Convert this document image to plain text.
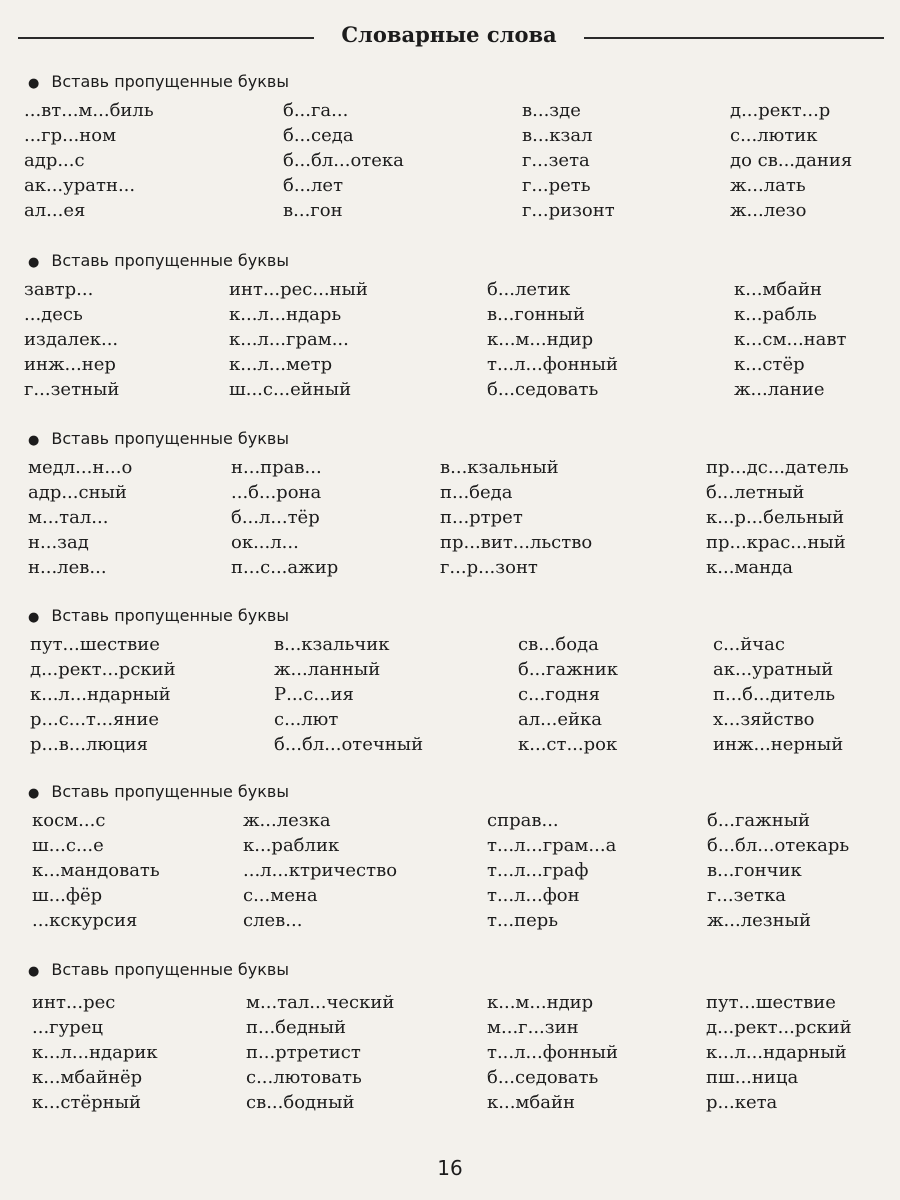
Словарные слова
● Вставь пропущенные буквы
...вт...м...биль
...гр...ном
адр...с
ак...уратн...
ал...ея
б...га...
б...седа
б...бл...отека
б...лет
в...гон
в...зде
в...кзал
г...зета
г...реть
г...ризонт
д...рект...р
с...лютик
до св...дания
ж...лать
ж...лезо
● Вставь пропущенные буквы
завтр...
...десь
издалек...
инж...нер
г...зетный
инт...рес...ный
к...л...ндарь
к...л...грам...
к...л...метр
ш...с...ейный
б...летик
в...гонный
к...м...ндир
т...л...фонный
б...седовать
к...мбайн
к...рабль
к...см...навт
к...стёр
ж...лание
● Вставь пропущенные буквы
медл...н...о
адр...сный
м...тал...
н...зад
н...лев...
н...прав...
...б...рона
б...л...тёр
ок...л...
п...с...ажир
в...кзальный
п...беда
п...ртрет
пр...вит...льство
г...р...зонт
пр...дс...датель
б...летный
к...р...бельный
пр...крас...ный
к...манда
● Вставь пропущенные буквы
пут...шествие
д...рект...рский
к...л...ндарный
р...с...т...яние
р...в...люция
в...кзальчик
ж...ланный
Р...с...ия
с...лют
б...бл...отечный
св...бода
б...гажник
с...годня
ал...ейка
к...ст...рок
с...йчас
ак...уратный
п...б...дитель
х...зяйство
инж...нерный
● Вставь пропущенные буквы
косм...с
ш...с...е
к...мандовать
ш...фёр
...кскурсия
ж...лезка
к...раблик
...л...ктричество
с...мена
слев...
справ...
т...л...грам...а
т...л...граф
т...л...фон
т...перь
б...гажный
б...бл...отекарь
в...гончик
г...зетка
ж...лезный
● Вставь пропущенные буквы
инт...рес
...гурец
к...л...ндарик
к...мбайнёр
к...стёрный
м...тал...ческий
п...бедный
п...ртретист
с...лютовать
св...бодный
к...м...ндир
м...г...зин
т...л...фонный
б...седовать
к...мбайн
пут...шествие
д...рект...рский
к...л...ндарный
пш...ница
р...кета
16
